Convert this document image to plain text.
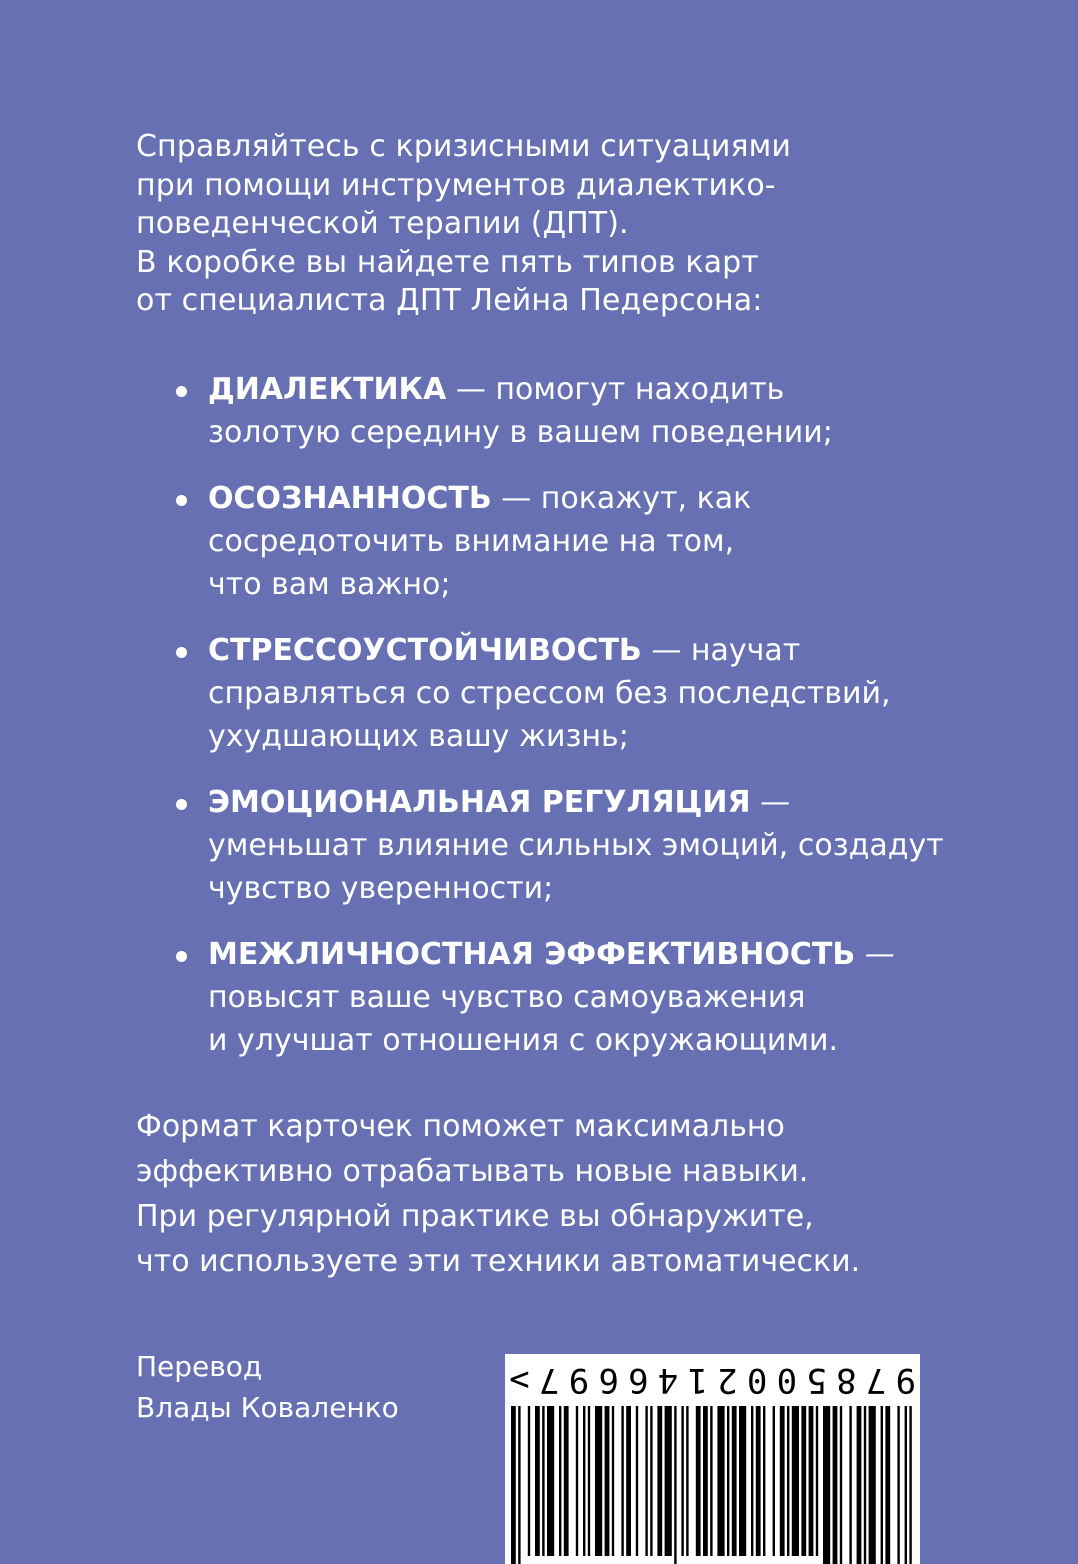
Справляйтесь с кризисными ситуациями

при помощи инструментов диалектико-

поведенческой терапии (ДПТ).

В коробке вы найдете пять типов карт

от специалиста ДПТ Лейна Педерсона:

ДИАЛЕКТИКА — помогут находить
золотую середину в вашем поведении;
ОСОЗНАННОСТЬ — покажут, как
сосредоточить внимание на том,
что вам важно;
СТРЕССОУСТОЙЧИВОСТЬ — научат
справляться со стрессом без последствий,
ухудшающих вашу жизнь;
ЭМОЦИОНАЛЬНАЯ РЕГУЛЯЦИЯ —
уменьшат влияние сильных эмоций, создадут
чувство уверенности;
МЕЖЛИЧНОСТНАЯ ЭФФЕКТИВНОСТЬ —
повысят ваше чувство самоуважения
и улучшат отношения с окружающими.

Формат карточек поможет максимально

эффективно отрабатывать новые навыки.

При регулярной практике вы обнаружите,

что используете эти техники автоматически.

Перевод
Влады Коваленко
9
7
8
5
0
0
2
1
4
6
6
9
7
>
